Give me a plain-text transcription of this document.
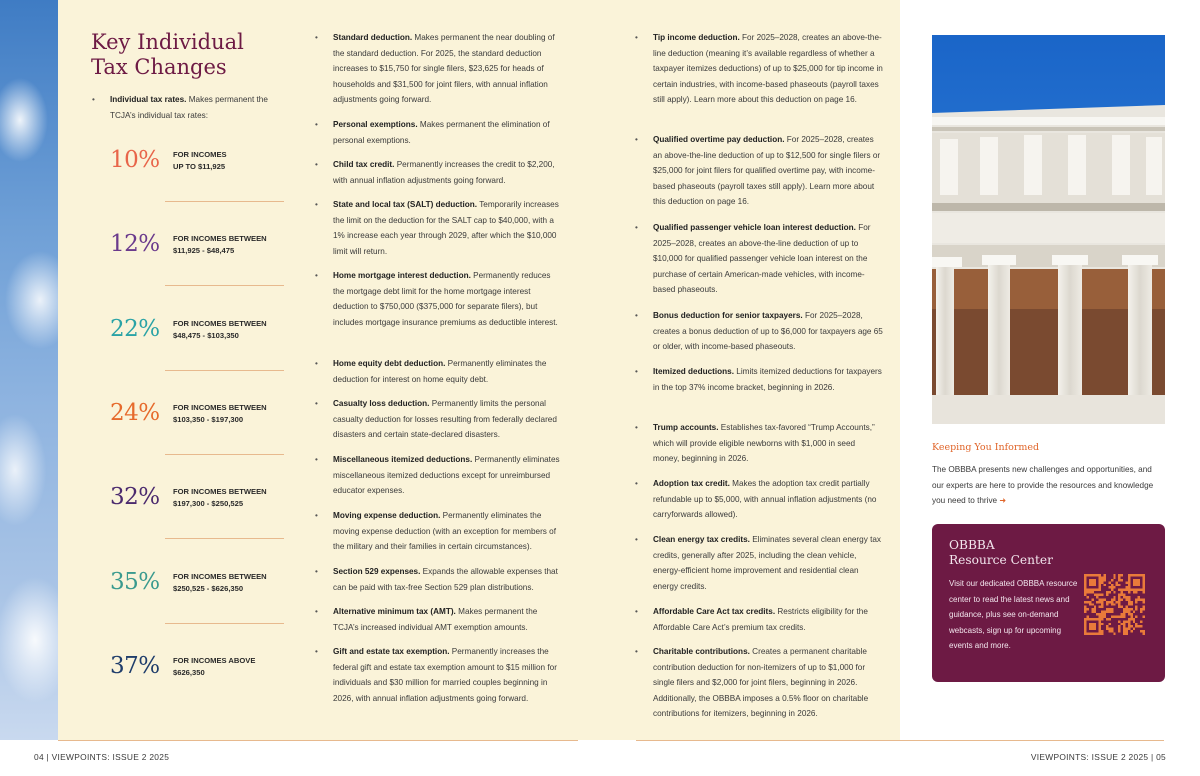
Key Individual
Tax Changes
• Individual tax rates. Makes permanent the TCJA’s individual tax rates:
10% FOR INCOMES
UP TO $11,925
12% FOR INCOMES BETWEEN
$11,925 - $48,475
22% FOR INCOMES BETWEEN
$48,475 - $103,350
24% FOR INCOMES BETWEEN
$103,350 - $197,300
32% FOR INCOMES BETWEEN
$197,300 - $250,525
35% FOR INCOMES BETWEEN
$250,525 - $626,350
37% FOR INCOMES ABOVE
$626,350
• Standard deduction. Makes permanent the near doubling of the standard deduction. For 2025, the standard deduction increases to $15,750 for single filers, $23,625 for heads of households and $31,500 for joint filers, with annual inflation adjustments going forward.
• Personal exemptions. Makes permanent the elimination of personal exemptions.
• Child tax credit. Permanently increases the credit to $2,200, with annual inflation adjustments going forward.
• State and local tax (SALT) deduction. Temporarily increases the limit on the deduction for the SALT cap to $40,000, with a 1% increase each year through 2029, after which the $10,000 limit will return.
• Home mortgage interest deduction. Permanently reduces the mortgage debt limit for the home mortgage interest deduction to $750,000 ($375,000 for separate filers), but includes mortgage insurance premiums as deductible interest.
• Home equity debt deduction. Permanently eliminates the deduction for interest on home equity debt.
• Casualty loss deduction. Permanently limits the personal casualty deduction for losses resulting from federally declared disasters and certain state-declared disasters.
• Miscellaneous itemized deductions. Permanently eliminates miscellaneous itemized deductions except for unreimbursed educator expenses.
• Moving expense deduction. Permanently eliminates the moving expense deduction (with an exception for members of the military and their families in certain circumstances).
• Section 529 expenses. Expands the allowable expenses that can be paid with tax-free Section 529 plan distributions.
• Alternative minimum tax (AMT). Makes permanent the TCJA’s increased individual AMT exemption amounts.
• Gift and estate tax exemption. Permanently increases the federal gift and estate tax exemption amount to $15 million for individuals and $30 million for married couples beginning in 2026, with annual inflation adjustments going forward.
• Tip income deduction. For 2025–2028, creates an above-the-line deduction (meaning it’s available regardless of whether a taxpayer itemizes deductions) of up to $25,000 for tip income in certain industries, with income-based phaseouts (payroll taxes still apply). Learn more about this deduction on page 16.
• Qualified overtime pay deduction. For 2025–2028, creates an above-the-line deduction of up to $12,500 for single filers or $25,000 for joint filers for qualified overtime pay, with income-based phaseouts (payroll taxes still apply). Learn more about this deduction on page 16.
• Qualified passenger vehicle loan interest deduction. For 2025–2028, creates an above-the-line deduction of up to $10,000 for qualified passenger vehicle loan interest on the purchase of certain American-made vehicles, with income-based phaseouts.
• Bonus deduction for senior taxpayers. For 2025–2028, creates a bonus deduction of up to $6,000 for taxpayers age 65 or older, with income-based phaseouts.
• Itemized deductions. Limits itemized deductions for taxpayers in the top 37% income bracket, beginning in 2026.
• Trump accounts. Establishes tax-favored “Trump Accounts,” which will provide eligible newborns with $1,000 in seed money, beginning in 2026.
• Adoption tax credit. Makes the adoption tax credit partially refundable up to $5,000, with annual inflation adjustments (no carryforwards allowed).
• Clean energy tax credits. Eliminates several clean energy tax credits, generally after 2025, including the clean vehicle, energy-efficient home improvement and residential clean energy credits.
• Affordable Care Act tax credits. Restricts eligibility for the Affordable Care Act’s premium tax credits.
• Charitable contributions. Creates a permanent charitable contribution deduction for non-itemizers of up to $1,000 for single filers and $2,000 for joint filers, beginning in 2026. Additionally, the OBBBA imposes a 0.5% floor on charitable contributions for itemizers, beginning in 2026.
Keeping You Informed
The OBBBA presents new challenges and opportunities, and our experts are here to provide the resources and knowledge you need to thrive ➜
OBBBA
Resource Center
Visit our dedicated OBBBA resource center to read the latest news and guidance, plus see on-demand webcasts, sign up for upcoming events and more.
04 | VIEWPOINTS: ISSUE 2 2025	VIEWPOINTS: ISSUE 2 2025 | 05
